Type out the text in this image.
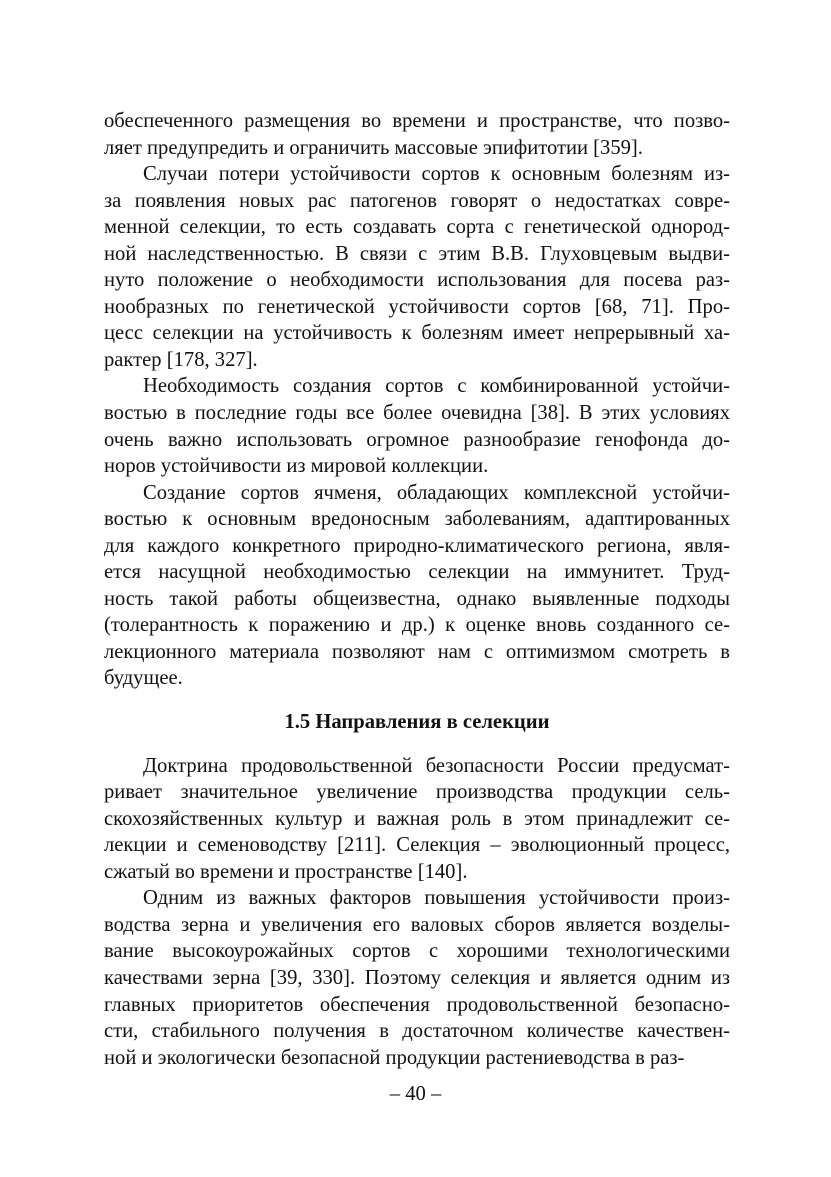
обеспеченного размещения во времени и пространстве, что позво-
ляет предупредить и ограничить массовые эпифитотии [359].
Случаи потери устойчивости сортов к основным болезням из-
за появления новых рас патогенов говорят о недостатках совре-
менной селекции, то есть создавать сорта с генетической однород-
ной наследственностью. В связи с этим В.В. Глуховцевым выдви-
нуто положение о необходимости использования для посева раз-
нообразных по генетической устойчивости сортов [68, 71]. Про-
цесс селекции на устойчивость к болезням имеет непрерывный ха-
рактер [178, 327].
Необходимость создания сортов с комбинированной устойчи-
востью в последние годы все более очевидна [38]. В этих условиях
очень важно использовать огромное разнообразие генофонда до-
норов устойчивости из мировой коллекции.
Создание сортов ячменя, обладающих комплексной устойчи-
востью к основным вредоносным заболеваниям, адаптированных
для каждого конкретного природно-климатического региона, явля-
ется насущной необходимостью селекции на иммунитет. Труд-
ность такой работы общеизвестна, однако выявленные подходы
(толерантность к поражению и др.) к оценке вновь созданного се-
лекционного материала позволяют нам с оптимизмом смотреть в
будущее.
1.5 Направления в селекции
Доктрина продовольственной безопасности России предусмат-
ривает значительное увеличение производства продукции сель-
скохозяйственных культур и важная роль в этом принадлежит се-
лекции и семеноводству [211]. Селекция – эволюционный процесс,
сжатый во времени и пространстве [140].
Одним из важных факторов повышения устойчивости произ-
водства зерна и увеличения его валовых сборов является возделы-
вание высокоурожайных сортов с хорошими технологическими
качествами зерна [39, 330]. Поэтому селекция и является одним из
главных приоритетов обеспечения продовольственной безопасно-
сти, стабильного получения в достаточном количестве качествен-
ной и экологически безопасной продукции растениеводства в раз-
– 40 –
